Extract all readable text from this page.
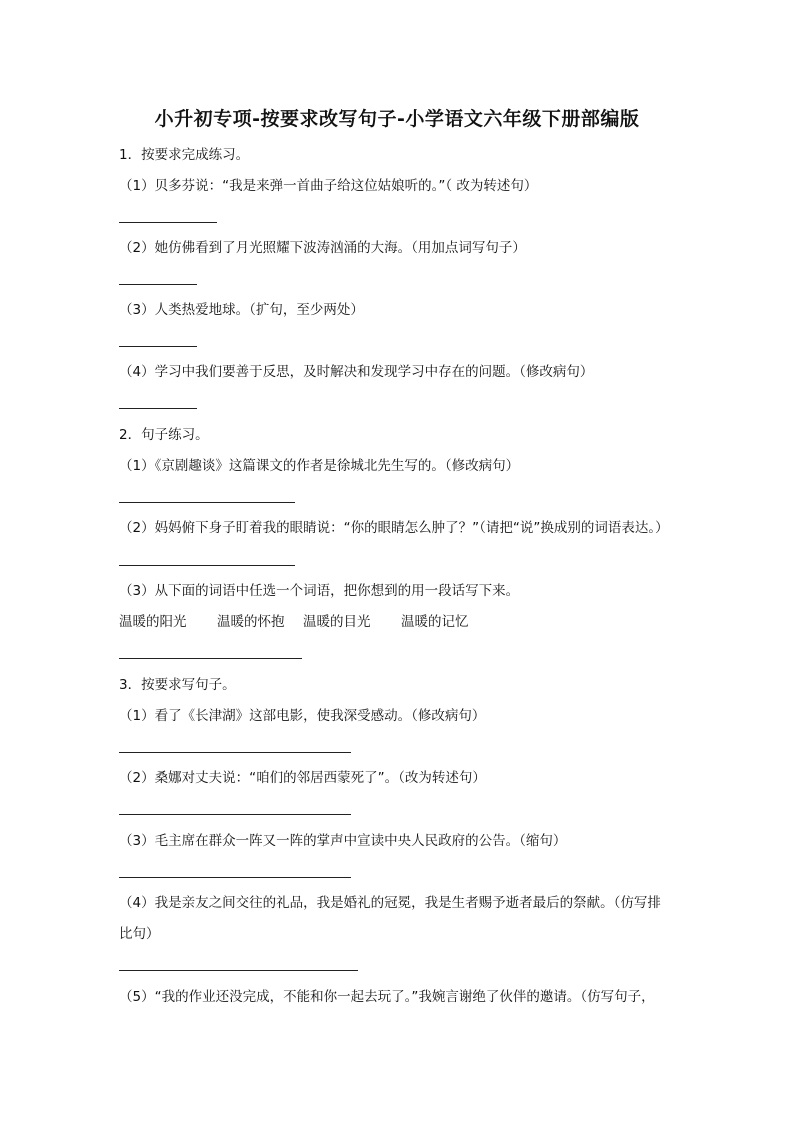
小升初专项-按要求改写句子-小学语文六年级下册部编版
1．按要求完成练习。
（1）贝多芬说：“我是来弹一首曲子给这位姑娘听的。”（ 改为转述句）
（2）她仿佛看到了月光照耀下波涛汹涌的大海。（用加点词写句子）
（3）人类热爱地球。（扩句，至少两处）
（4）学习中我们要善于反思，及时解决和发现学习中存在的问题。（修改病句）
2．句子练习。
（1）《京剧趣谈》这篇课文的作者是徐城北先生写的。（修改病句）
（2）妈妈俯下身子盯着我的眼睛说：“你的眼睛怎么肿了？”（请把“说”换成别的词语表达。）
（3）从下面的词语中任选一个词语，把你想到的用一段话写下来。
温暖的阳光 温暖的怀抱 温暖的目光 温暖的记忆
3．按要求写句子。
（1）看了《长津湖》这部电影，使我深受感动。（修改病句）
（2）桑娜对丈夫说：“咱们的邻居西蒙死了”。（改为转述句）
（3）毛主席在群众一阵又一阵的掌声中宣读中央人民政府的公告。（缩句）
（4）我是亲友之间交往的礼品，我是婚礼的冠冕，我是生者赐予逝者最后的祭献。（仿写排
比句）
（5）“我的作业还没完成，不能和你一起去玩了。”我婉言谢绝了伙伴的邀请。（仿写句子，
